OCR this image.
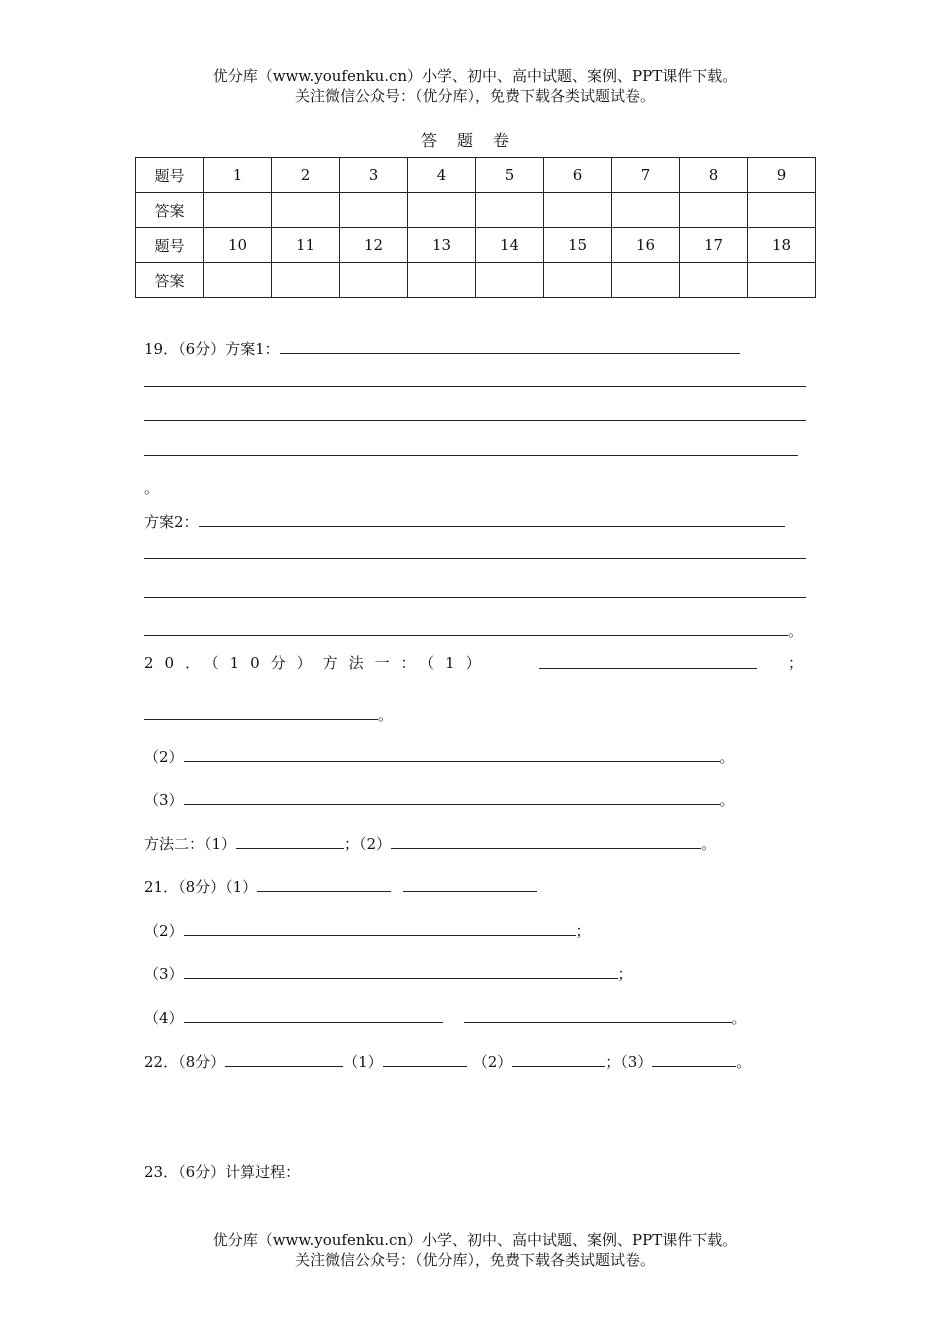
优分库（www.youfenku.cn）小学、初中、高中试题、案例、PPT课件下载。
关注微信公众号：（优分库），免费下载各类试题试卷。
答题卷
题号	1	2	3	4	5	6	7	8	9
答案									
题号	10	11	12	13	14	15	16	17	18
答案									
19．（6分）方案1：
。
方案2：
。
20．（10分）方法一：（1）	；
。
（2）	。
（3）	。
方法二：（1）	；（2）	。
21．（8分）（1）
（2）	；
（3）	；
（4）	。
22．（8分）	（1）	（2）	；（3）	。
23．（6分）计算过程：
优分库（www.youfenku.cn）小学、初中、高中试题、案例、PPT课件下载。
关注微信公众号：（优分库），免费下载各类试题试卷。
